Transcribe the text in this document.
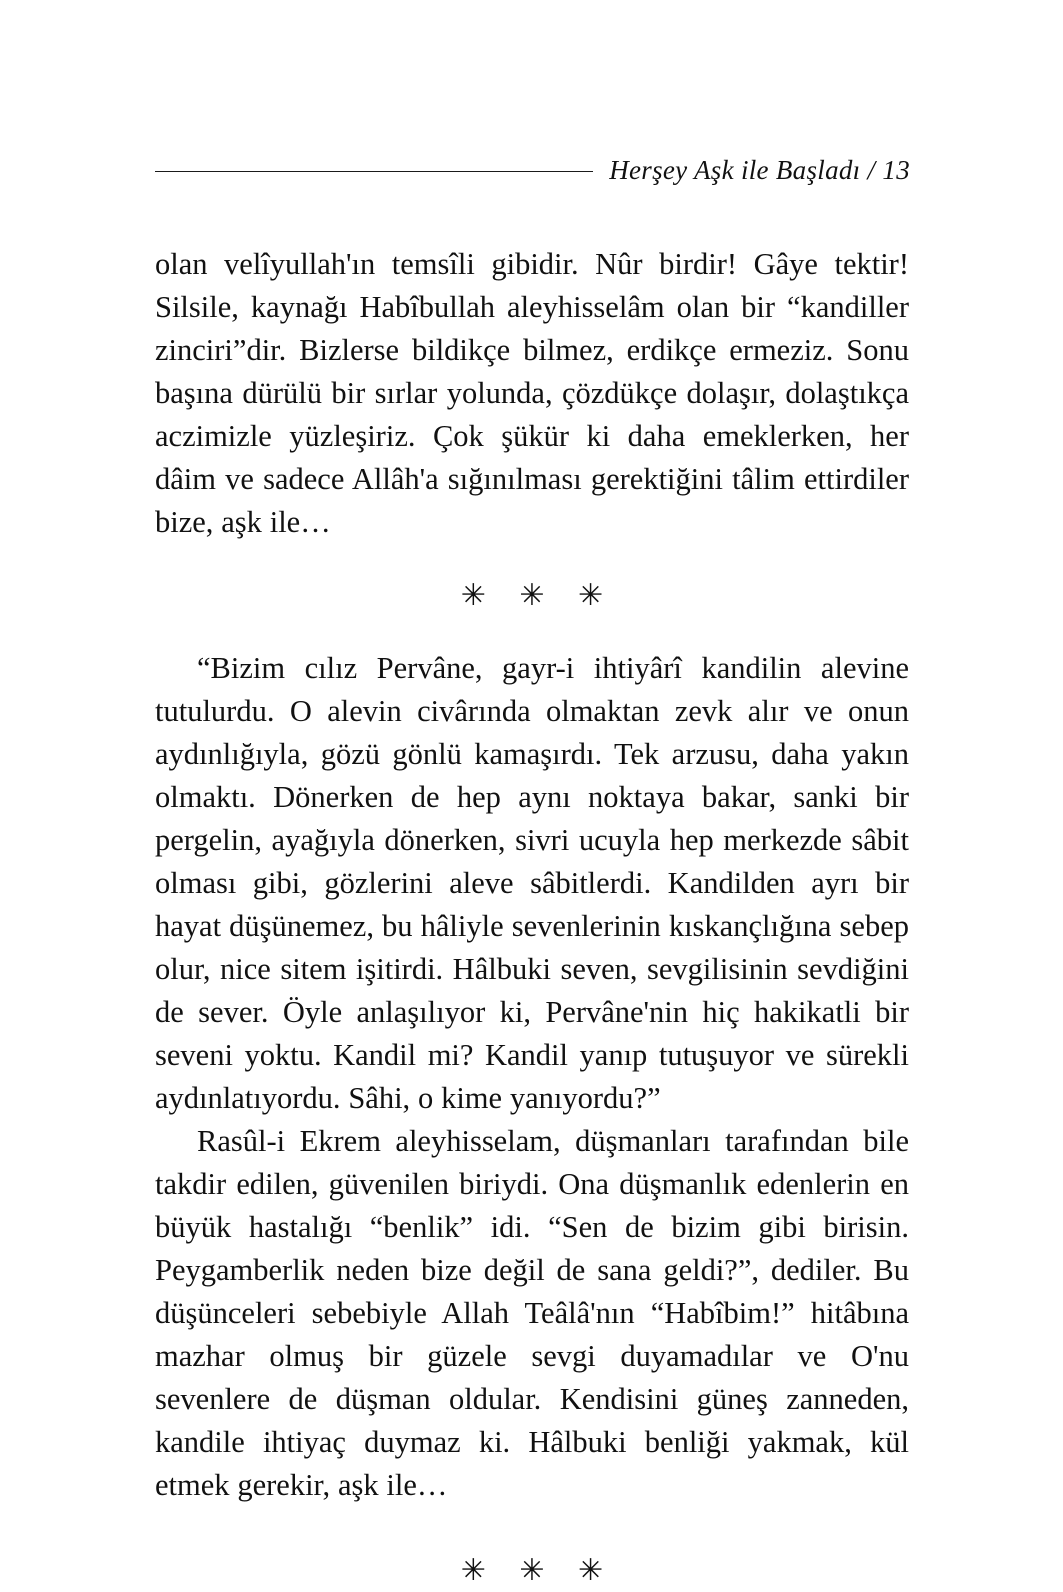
Herşey Aşk ile Başladı / 13

olan velîyullah'ın temsîli gibidir. Nûr birdir! Gâye tektir! Silsile, kaynağı Habîbullah aleyhisselâm olan bir “kandiller zinciri”dir. Bizlerse bildikçe bilmez, erdikçe ermeziz. Sonu başına dürülü bir sırlar yolunda, çözdükçe dolaşır, dolaştıkça aczimizle yüzleşiriz. Çok şükür ki daha emeklerken, her dâim ve sadece Allâh'a sığınılması gerektiğini tâlim ettirdiler bize, aşk ile…

✳ ✳ ✳

“Bizim cılız Pervâne, gayr-i ihtiyârî kandilin alevine tutulurdu. O alevin civârında olmaktan zevk alır ve onun aydınlığıyla, gözü gönlü kamaşırdı. Tek arzusu, daha yakın olmaktı. Dönerken de hep aynı noktaya bakar, sanki bir pergelin, ayağıyla dönerken, sivri ucuyla hep merkezde sâbit olması gibi, gözlerini aleve sâbitlerdi. Kandilden ayrı bir hayat düşünemez, bu hâliyle sevenlerinin kıskançlığına sebep olur, nice sitem işitirdi. Hâlbuki seven, sevgilisinin sevdiğini de sever. Öyle anlaşılıyor ki, Pervâne'nin hiç hakikatli bir seveni yoktu. Kandil mi? Kandil yanıp tutuşuyor ve sürekli aydınlatıyordu. Sâhi, o kime yanıyordu?”

Rasûl-i Ekrem aleyhisselam, düşmanları tarafından bile takdir edilen, güvenilen biriydi. Ona düşmanlık edenlerin en büyük hastalığı “benlik” idi. “Sen de bizim gibi birisin. Peygamberlik neden bize değil de sana geldi?”, dediler. Bu düşünceleri sebebiyle Allah Teâlâ'nın “Habîbim!” hitâbına mazhar olmuş bir güzele sevgi duyamadılar ve O'nu sevenlere de düşman oldular. Kendisini güneş zanneden, kandile ihtiyaç duymaz ki. Hâlbuki benliği yakmak, kül etmek gerekir, aşk ile…

✳ ✳ ✳
